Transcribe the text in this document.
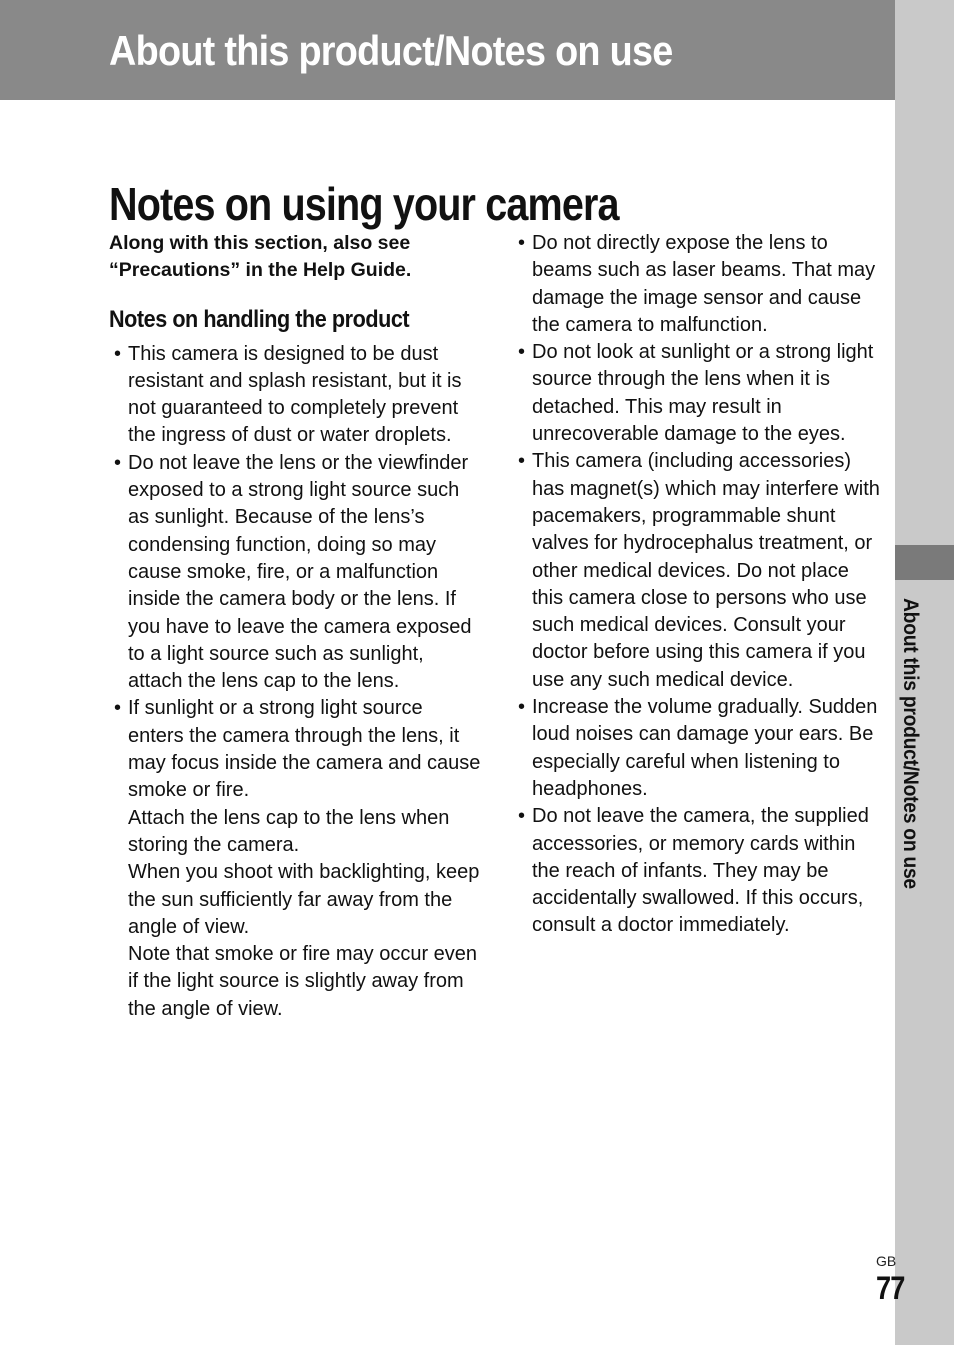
About this product/Notes on use
About this product/Notes on use
Notes on using your camera

Along with this section, also see “Precautions” in the Help Guide.

Notes on handling the product
• This camera is designed to be dust resistant and splash resistant, but it is not guaranteed to completely prevent the ingress of dust or water droplets.
• Do not leave the lens or the viewfinder exposed to a strong light source such as sunlight. Because of the lens’s condensing function, doing so may cause smoke, fire, or a malfunction inside the camera body or the lens. If you have to leave the camera exposed to a light source such as sunlight, attach the lens cap to the lens.
• If sunlight or a strong light source enters the camera through the lens, it may focus inside the camera and cause smoke or fire.
Attach the lens cap to the lens when storing the camera.
When you shoot with backlighting, keep the sun sufficiently far away from the angle of view.
Note that smoke or fire may occur even if the light source is slightly away from the angle of view.
• Do not directly expose the lens to beams such as laser beams. That may damage the image sensor and cause the camera to malfunction.
• Do not look at sunlight or a strong light source through the lens when it is detached. This may result in unrecoverable damage to the eyes.
• This camera (including accessories) has magnet(s) which may interfere with pacemakers, programmable shunt valves for hydrocephalus treatment, or other medical devices. Do not place this camera close to persons who use such medical devices. Consult your doctor before using this camera if you use any such medical device.
• Increase the volume gradually. Sudden loud noises can damage your ears. Be especially careful when listening to headphones.
• Do not leave the camera, the supplied accessories, or memory cards within the reach of infants. They may be accidentally swallowed. If this occurs, consult a doctor immediately.
GB
77
